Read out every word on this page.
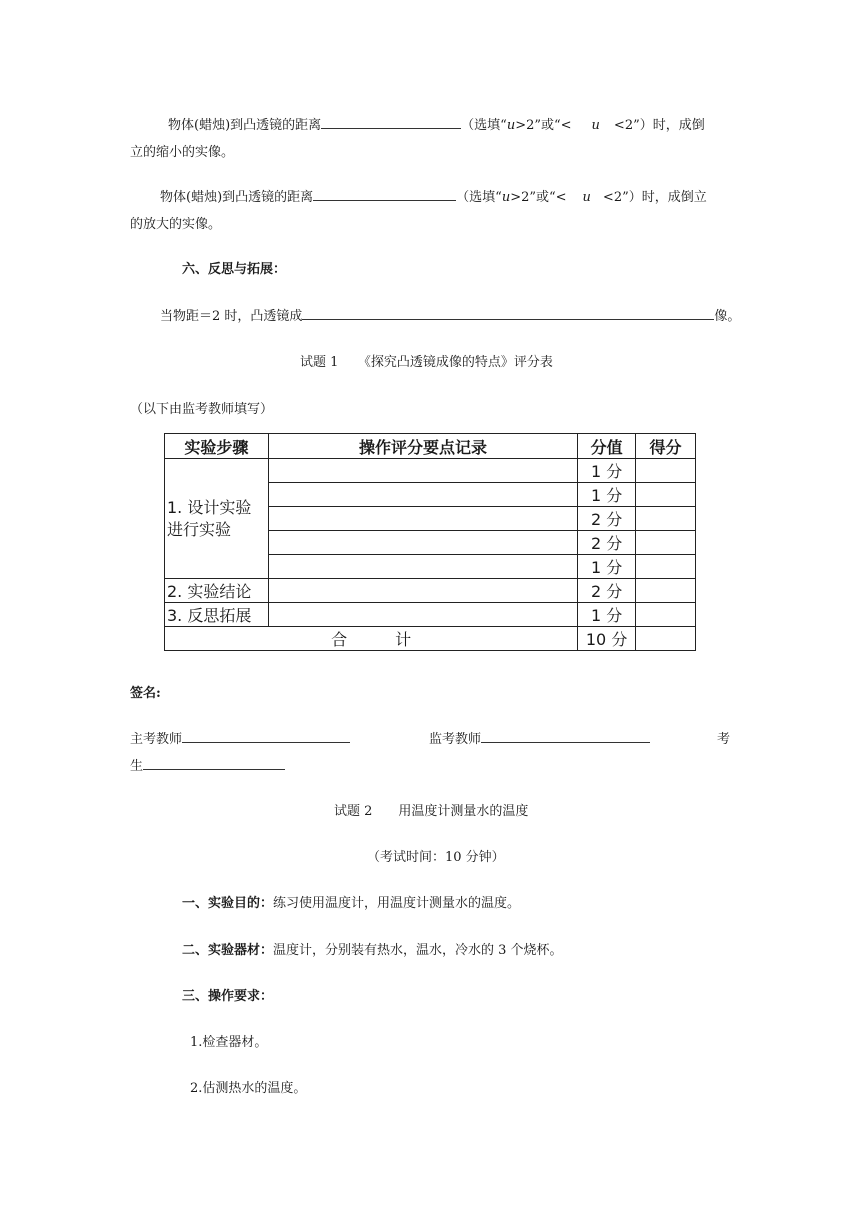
物体(蜡烛)到凸透镜的距离	（选填“u>2”或“< u <2”）时，成倒
立的缩小的实像。
物体(蜡烛)到凸透镜的距离	（选填“u>2”或“< u <2”）时，成倒立
的放大的实像。
六、反思与拓展：
当物距＝2 时，凸透镜成	像。
试题 1　　《探究凸透镜成像的特点》评分表
（以下由监考教师填写）
实验步骤	操作评分要点记录	分值	得分
1. 设计实验进行实验		1 分	
		1 分	
		2 分	
		2 分	
		1 分	
2. 实验结论		2 分	
3. 反思拓展		1 分	
合　　　计		10 分	
签名:
主考教师	监考教师	考
生
试题 2　　用温度计测量水的温度
（考试时间：10 分钟）
一、实验目的：练习使用温度计，用温度计测量水的温度。
二、实验器材：温度计，分别装有热水，温水，冷水的 3 个烧杯。
三、操作要求：
1.检查器材。
2.估测热水的温度。
